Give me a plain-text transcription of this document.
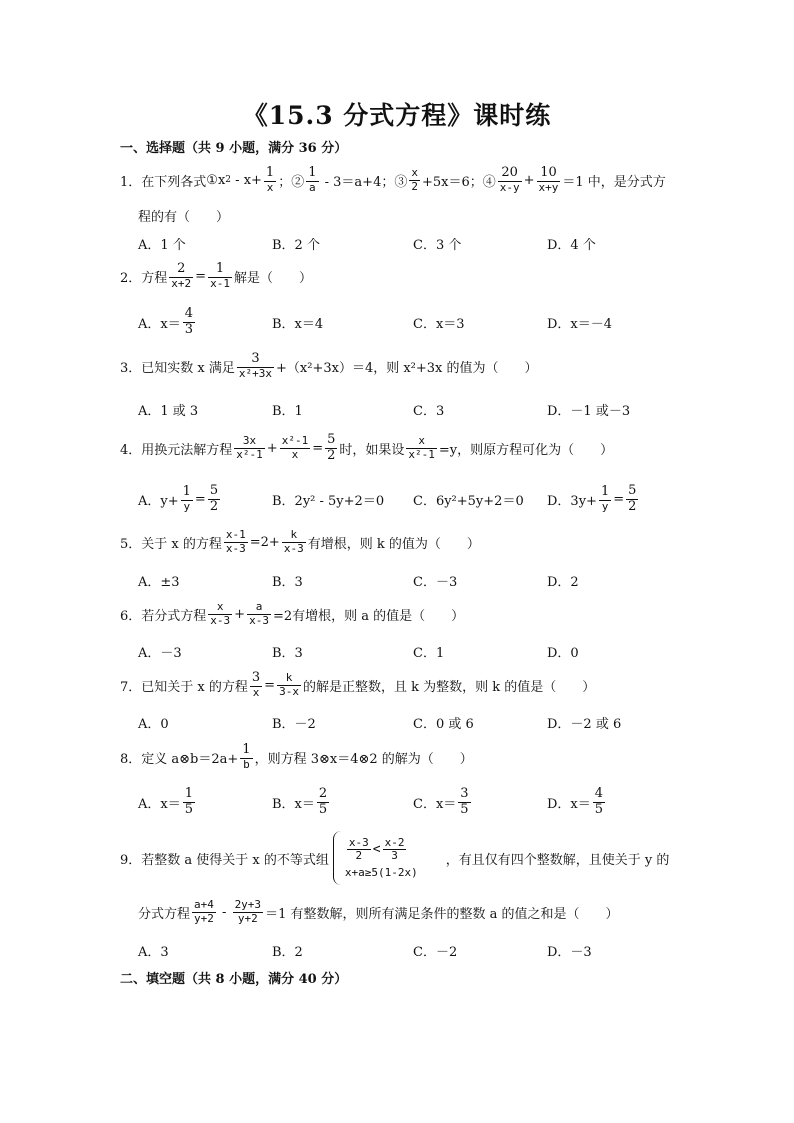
《15.3 分式方程》课时练
一、选择题（共 9 小题，满分 36 分）
1． 在下列各式 ①x $2 - x+ \frac{1}{x}$ ；② $\frac{1}{a} - 3=a+4$；③ $\frac{x}{2} +5x=6$；④ $\frac{20}{x-y} + \frac{10}{x+y} =1$ 中，是分式方
程的有（　　）
A．1 个	B．2 个	C．3 个	D．4 个
2． 方程 $\frac{2}{x+2} = \frac{1}{x-1}$ 解是（　　）
A．$x= \frac{4}{3}$	B．x＝4	C．x＝3	D．x＝－4
3． 已知实数 x 满足 $\frac{3}{\text{x²+3x}} +(x^2+3x)=4$，则 x²+3x 的值为（　　）
A．1 或 3	B．1	C．3	D．－1 或－3
4． 用换元法解方程 $\frac{3x}{\text{x²-1}} + \frac{\text{x²-1}}{x} = \frac{5}{2}$ 时，如果设 $\frac{x}{\text{x²-1}} =y$，则原方程可化为（　　）
A．$y+ \frac{1}{y} = \frac{5}{2}$	B．2y² - 5y+2＝0 C．6y²+5y+2＝0 D．$3y+ \frac{1}{y} = \frac{5}{2}$
5． 关于 x 的方程 $\frac{x-1}{x-3} =2+ \frac{k}{x-3}$ 有增根，则 k 的值为（　　）
A．±3	B．3	C．－3	D．2
6． 若分式方程 $\frac{x}{x-3} + \frac{a}{x-3} =2$有增根，则 a 的值是（　　）
A．－3	B．3	C．1	D．0
7． 已知关于 x 的方程 $\frac{3}{x} = \frac{k}{3-x}$ 的解是正整数，且 k 为整数，则 k 的值是（　　）
A．0	B．－2	C．0 或 6	D．－2 或 6
8． 定义 a⊗b＝2a+ $\frac{1}{b}$ ，则方程 3⊗x＝4⊗2 的解为（　　）
A．$x= \frac{1}{5}$	B．$x= \frac{2}{5}$	C．$x= \frac{3}{5}$	D．$x= \frac{4}{5}$
9． 若整数 a 使得关于 x 的不等式组 $\frac{x-3}{2} < \frac{x-2}{3}$
x+a≥5(1-2x)
，有且仅有四个整数解，且使关于 y 的
分式方程 $\frac{a+4}{y+2} - \frac{2y+3}{y+2} =1$ 有整数解，则所有满足条件的整数 a 的值之和是（　　）
A．3	B．2	C．－2	D．－3
二、填空题（共 8 小题，满分 40 分）
